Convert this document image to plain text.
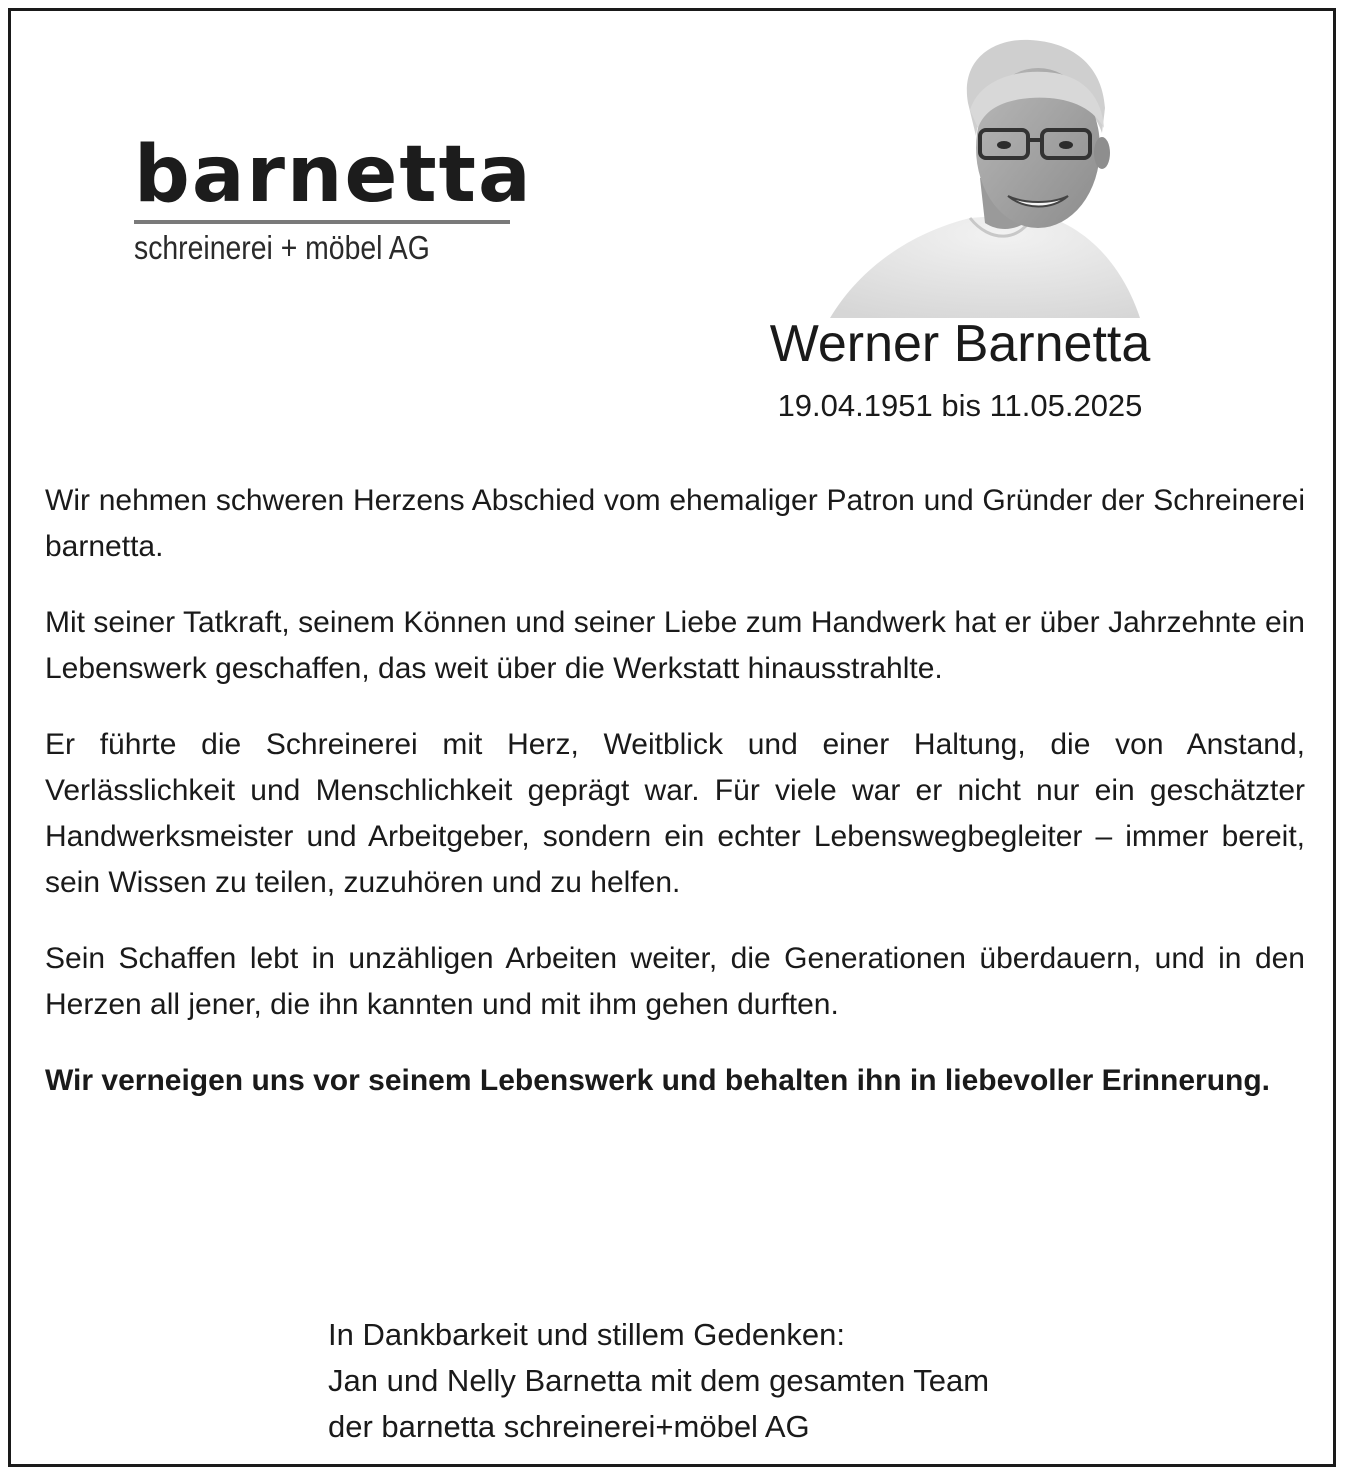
barnetta
schreinerei + möbel AG
Werner Barnetta
19.04.1951 bis 11.05.2025

Wir nehmen schweren Herzens Abschied vom ehemaliger Patron und Gründer der Schreinerei barnetta.

Mit seiner Tatkraft, seinem Können und seiner Liebe zum Handwerk hat er über Jahrzehnte ein Lebenswerk geschaffen, das weit über die Werkstatt hinausstrahlte.

Er führte die Schreinerei mit Herz, Weitblick und einer Haltung, die von Anstand, Verlässlichkeit und Menschlichkeit geprägt war. Für viele war er nicht nur ein geschätzter Handwerksmeister und Arbeitgeber, sondern ein echter Lebenswegbegleiter – immer bereit, sein Wissen zu teilen, zuzuhören und zu helfen.

Sein Schaffen lebt in unzähligen Arbeiten weiter, die Generationen überdauern, und in den Herzen all jener, die ihn kannten und mit ihm gehen durften.

Wir verneigen uns vor seinem Lebenswerk und behalten ihn in liebevoller Erinnerung.

In Dankbarkeit und stillem Gedenken:
Jan und Nelly Barnetta mit dem gesamten Team
der barnetta schreinerei+möbel AG
